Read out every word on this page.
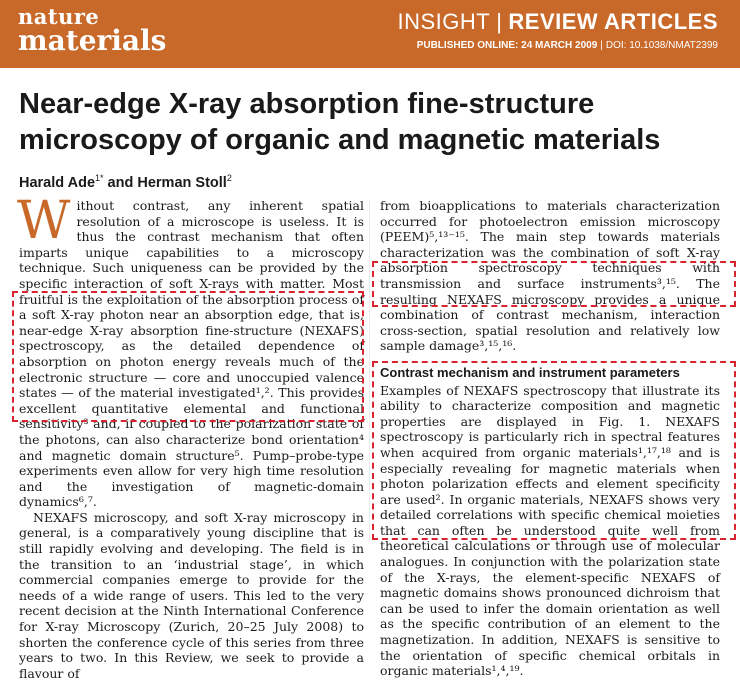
nature
materials
INSIGHT | REVIEW ARTICLES
PUBLISHED ONLINE: 24 MARCH 2009 | DOI: 10.1038/NMAT2399
Near-edge X-ray absorption fine-structure microscopy of organic and magnetic materials
Harald Ade$^{1*}$ and Herman Stoll$^2$

Without contrast, any inherent spatial resolution of a microscope is useless. It is thus the contrast mechanism that often imparts unique capabilities to a microscopy technique. Such uniqueness can be provided by the specific interaction of soft X-rays with matter. Most fruitful is the exploitation of the absorption process of a soft X-ray photon near an absorption edge, that is, near-edge X-ray absorption fine-structure (NEXAFS) spectroscopy, as the detailed dependence of absorption on photon energy reveals much of the electronic structure — core and unoccupied valence states — of the material investigated¹,². This provides excellent quantitative elemental and functional sensitivity³ and, if coupled to the polarization state of the photons, can also characterize bond orientation⁴ and magnetic domain structure⁵. Pump–probe-type experiments even allow for very high time resolution and the investigation of magnetic-domain dynamics⁶,⁷.

NEXAFS microscopy, and soft X-ray microscopy in general, is a comparatively young discipline that is still rapidly evolving and developing. The field is in the transition to an ‘industrial stage’, in which commercial companies emerge to provide for the needs of a wide range of users. This led to the very recent decision at the Ninth International Conference for X-ray Microscopy (Zurich, 20–25 July 2008) to shorten the conference cycle of this series from three years to two. In this Review, we seek to provide a flavour of

from bioapplications to materials characterization occurred for photoelectron emission microscopy (PEEM)⁵,¹³⁻¹⁵. The main step towards materials characterization was the combination of soft X-ray absorption spectroscopy techniques with transmission and surface instruments³,¹⁵. The resulting NEXAFS microscopy provides a unique combination of contrast mechanism, interaction cross-section, spatial resolution and relatively low sample damage³,¹⁵,¹⁶.

Contrast mechanism and instrument parameters

Examples of NEXAFS spectroscopy that illustrate its ability to characterize composition and magnetic properties are displayed in Fig. 1. NEXAFS spectroscopy is particularly rich in spectral features when acquired from organic materials¹,¹⁷,¹⁸ and is especially revealing for magnetic materials when photon polarization effects and element specificity are used². In organic materials, NEXAFS shows very detailed correlations with specific chemical moieties that can often be understood quite well from theoretical calculations or through use of molecular analogues. In conjunction with the polarization state of the X-rays, the element-specific NEXAFS of magnetic domains shows pronounced dichroism that can be used to infer the domain orientation as well as the specific contribution of an element to the magnetization. In addition, NEXAFS is sensitive to the orientation of specific chemical orbitals in organic materials¹,⁴,¹⁹.
